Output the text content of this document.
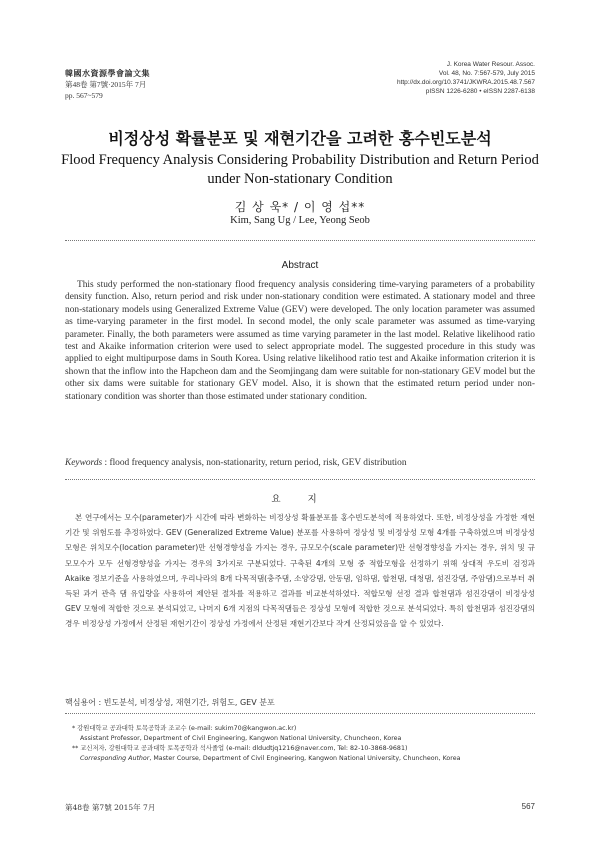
韓國水資源學會論文集
第48卷 第7號·2015年 7月
pp. 567~579
J. Korea Water Resour. Assoc.
Vol. 48, No. 7:567-579, July 2015
http://dx.doi.org/10.3741/JKWRA.2015.48.7.567
pISSN 1226-6280 • eISSN 2287-6138
비정상성 확률분포 및 재현기간을 고려한 홍수빈도분석
Flood Frequency Analysis Considering Probability Distribution and Return Period
under Non-stationary Condition
김 상 욱* / 이 영 섭**
Kim, Sang Ug / Lee, Yeong Seob
Abstract
This study performed the non-stationary flood frequency analysis considering time-varying parameters of a probability density function. Also, return period and risk under non-stationary condition were estimated. A stationary model and three non-stationary models using Generalized Extreme Value (GEV) were developed. The only location parameter was assumed as time-varying parameter in the first model. In second model, the only scale parameter was assumed as time-varying parameter. Finally, the both parameters were assumed as time varying parameter in the last model. Relative likelihood ratio test and Akaike information criterion were used to select appropriate model. The suggested procedure in this study was applied to eight multipurpose dams in South Korea. Using relative likelihood ratio test and Akaike information criterion it is shown that the inflow into the Hapcheon dam and the Seomjingang dam were suitable for non-stationary GEV model but the other six dams were suitable for stationary GEV model. Also, it is shown that the estimated return period under non-stationary condition was shorter than those estimated under stationary condition.
Keywords : flood frequency analysis, non-stationarity, return period, risk, GEV distribution
요 지
본 연구에서는 모수(parameter)가 시간에 따라 변화하는 비정상성 확률분포를 홍수빈도분석에 적용하였다. 또한, 비정상성을 가정한 재현기간 및 위험도를 추정하였다. GEV (Generalized Extreme Value) 분포를 사용하여 정상성 및 비정상성 모형 4개를 구축하였으며 비정상성 모형은 위치모수(location parameter)만 선형경향성을 가지는 경우, 규모모수(scale parameter)만 선형경향성을 가지는 경우, 위치 및 규모모수가 모두 선형경향성을 가지는 경우의 3가지로 구분되었다. 구축된 4개의 모형 중 적합모형을 선정하기 위해 상대적 우도비 검정과 Akaike 정보기준을 사용하였으며, 우리나라의 8개 다목적댐(충주댐, 소양강댐, 안동댐, 임하댐, 합천댐, 대청댐, 섬진강댐, 주암댐)으로부터 취득된 과거 관측 댐 유입량을 사용하여 제안된 절차를 적용하고 결과를 비교분석하였다. 적합모형 선정 결과 합천댐과 섬진강댐이 비정상성 GEV 모형에 적합한 것으로 분석되었고, 나머지 6개 지점의 다목적댐들은 정상성 모형에 적합한 것으로 분석되었다. 특히 합천댐과 섬진강댐의 경우 비정상성 가정에서 산정된 재현기간이 정상성 가정에서 산정된 재현기간보다 작게 산정되었음을 알 수 있었다.
핵심용어 : 빈도분석, 비정상성, 재현기간, 위험도, GEV 분포
* 강원대학교 공과대학 토목공학과 조교수 (e-mail: sukim70@kangwon.ac.kr)
Assistant Professor, Department of Civil Engineering, Kangwon National University, Chuncheon, Korea
** 교신저자, 강원대학교 공과대학 토목공학과 석사졸업 (e-mail: dldudtjq1216@naver.com, Tel: 82-10-3868-9681)
Corresponding Author, Master Course, Department of Civil Engineering, Kangwon National University, Chuncheon, Korea
第48卷 第7號 2015年 7月	567
